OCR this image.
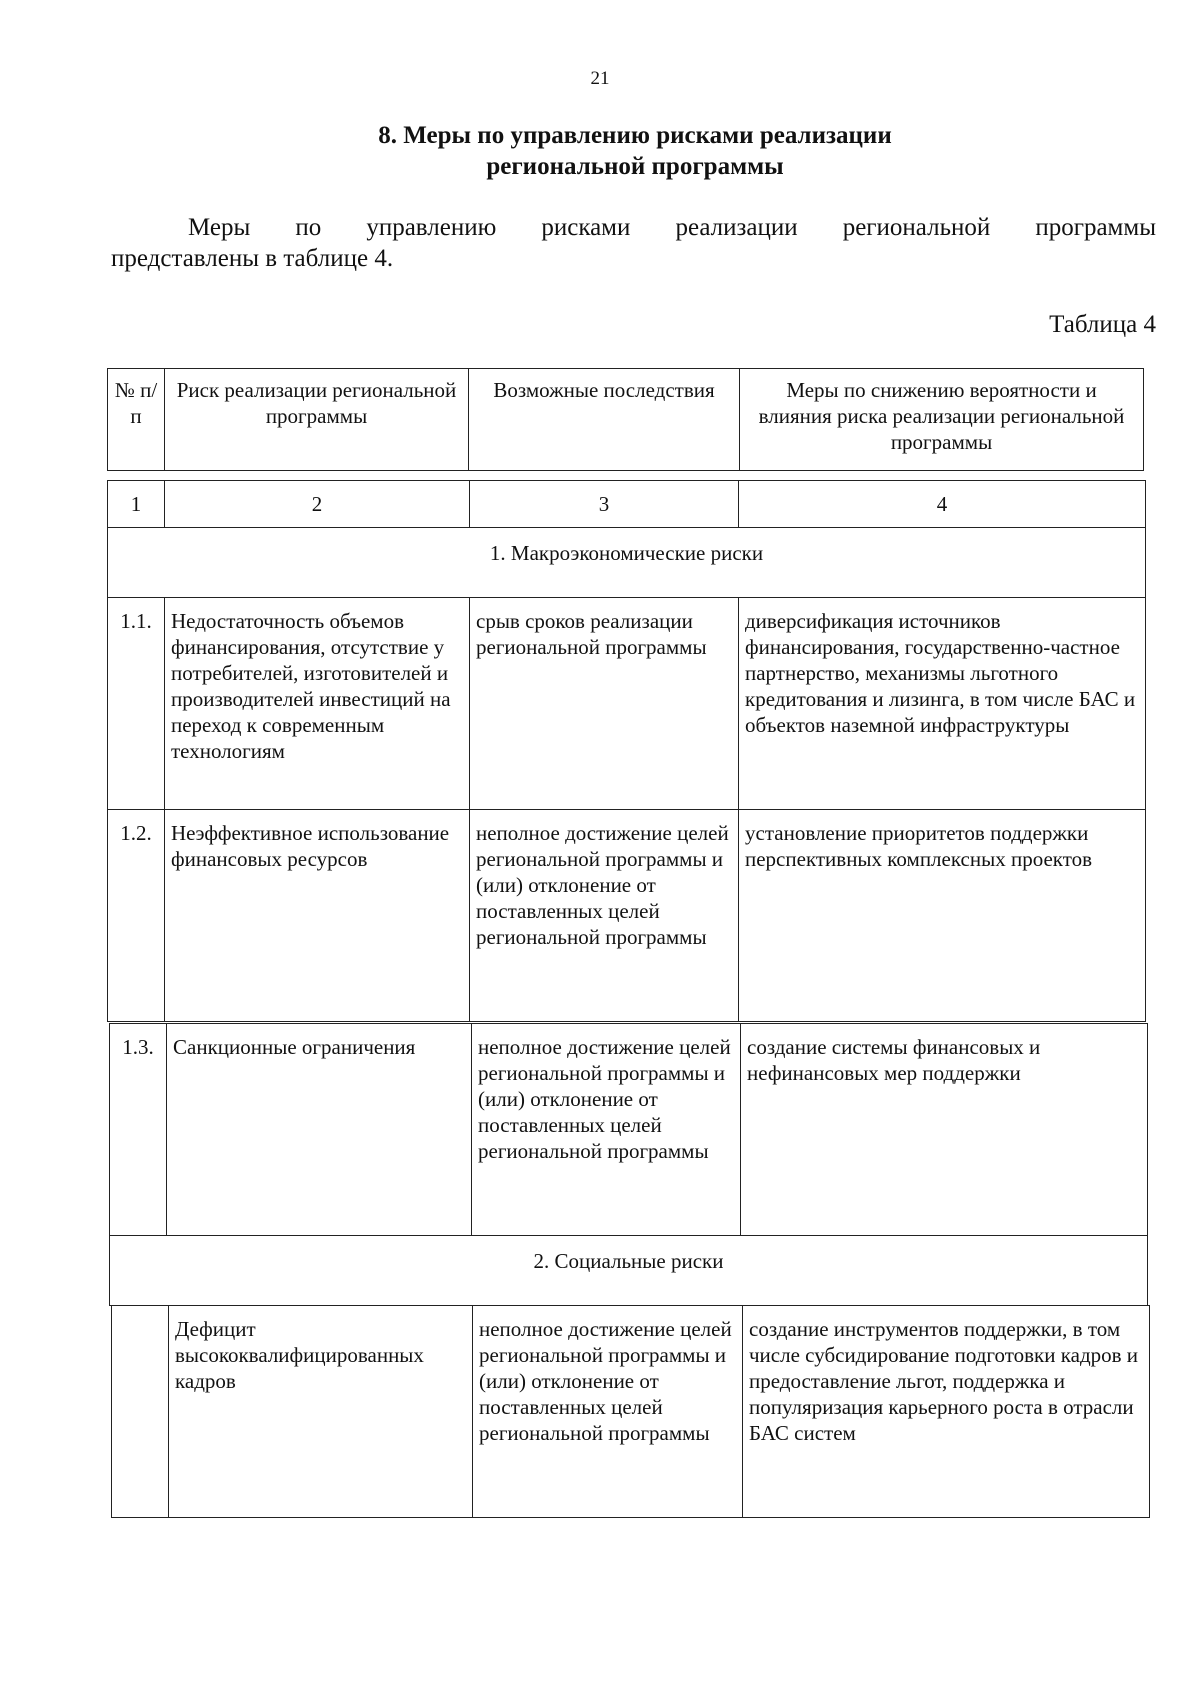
21
8. Меры по управлению рисками реализации
региональной программы
Меры по управлению рисками реализации региональной программы
представлены в таблице 4.
Таблица 4
№ п/п	Риск реализации региональной программы	Возможные последствия	Меры по снижению вероятности и влияния риска реализации региональной программы
1	2	3	4
1. Макроэкономические риски			
1.1.	Недостаточность объемов финансирования, отсутствие у потребителей, изготовителей и производителей инвестиций на переход к современным технологиям	срыв сроков реализации региональной программы	диверсификация источников финансирования, государственно-частное партнерство, механизмы льготного кредитования и лизинга, в том числе БАС и объектов наземной инфраструктуры
1.2.	Неэффективное использование финансовых ресурсов	неполное достижение целей региональной программы и (или) отклонение от поставленных целей региональной программы	установление приоритетов поддержки перспективных комплексных проектов
1.3.	Санкционные ограничения	неполное достижение целей региональной программы и (или) отклонение от поставленных целей региональной программы	создание системы финансовых и нефинансовых мер поддержки
2. Социальные риски
	Дефицит высококвалифицированных кадров	неполное достижение целей региональной программы и (или) отклонение от поставленных целей региональной программы	создание инструментов поддержки, в том числе субсидирование подготовки кадров и предоставление льгот, поддержка и популяризация карьерного роста в отрасли БАС систем
